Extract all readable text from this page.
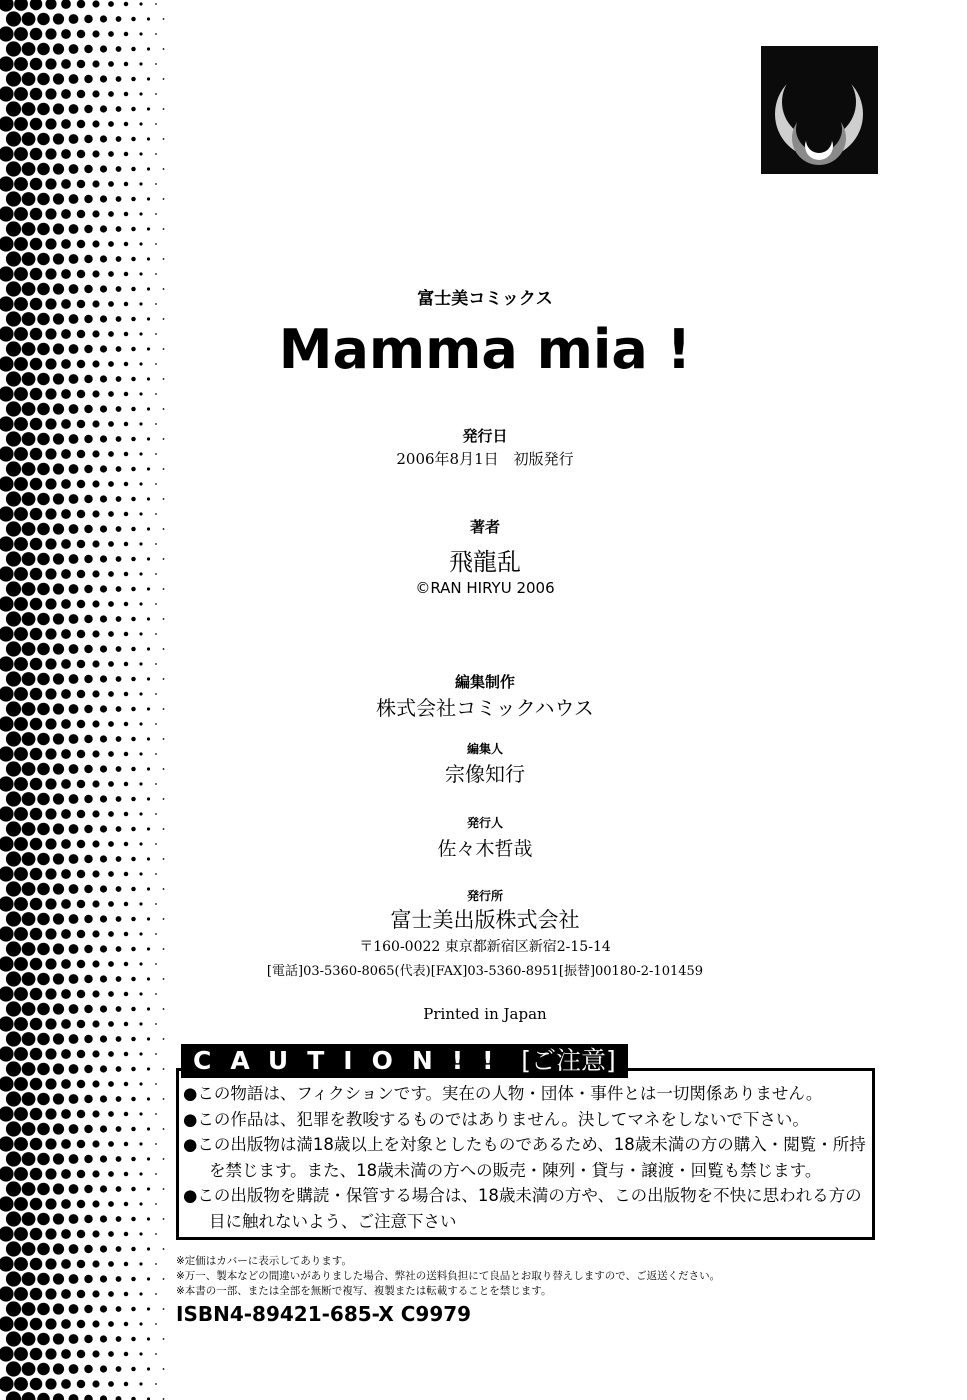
富士美コミックス
Mamma mia !
発行日
2006年8月1日　初版発行
著者
飛龍乱
©RAN HIRYU 2006
編集制作
株式会社コミックハウス
編集人
宗像知行
発行人
佐々木哲哉
発行所
富士美出版株式会社
〒160-0022 東京都新宿区新宿2-15-14
[電話]03-5360-8065(代表)[FAX]03-5360-8951[振替]00180-2-101459
Printed in Japan
●この物語は、フィクションです。実在の人物・団体・事件とは一切関係ありません。
●この作品は、犯罪を教唆するものではありません。決してマネをしないで下さい。
●この出版物は満18歳以上を対象としたものであるため、18歳未満の方の購入・閲覧・所持
を禁じます。また、18歳未満の方への販売・陳列・貸与・譲渡・回覧も禁じます。
●この出版物を購読・保管する場合は、18歳未満の方や、この出版物を不快に思われる方の
目に触れないよう、ご注意下さい
CAUTION!! [ご注意]
※定価はカバーに表示してあります。
※万一、製本などの間違いがありました場合、弊社の送料負担にて良品とお取り替えしますので、ご返送ください。
※本書の一部、または全部を無断で複写、複製または転載することを禁じます。
ISBN4-89421-685-X C9979
